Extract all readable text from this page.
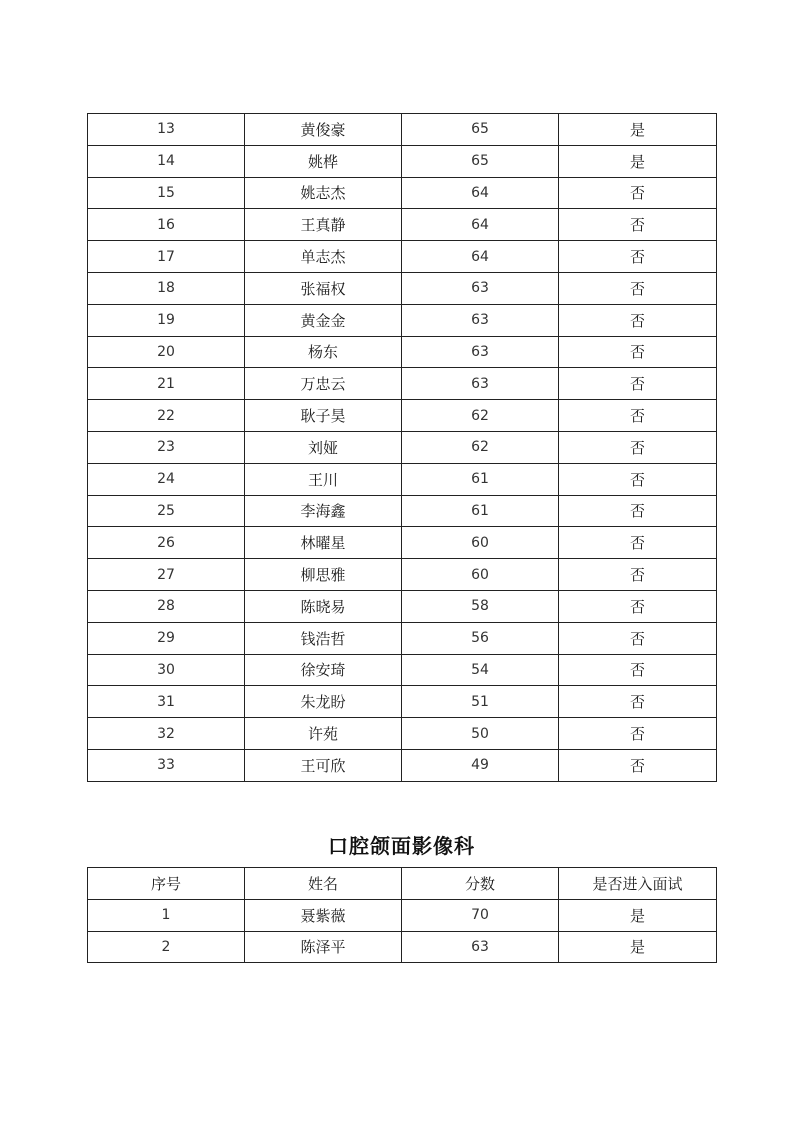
13	黄俊豪	65	是
14	姚桦	65	是
15	姚志杰	64	否
16	王真静	64	否
17	单志杰	64	否
18	张福权	63	否
19	黄金金	63	否
20	杨东	63	否
21	万忠云	63	否
22	耿子昊	62	否
23	刘娅	62	否
24	王川	61	否
25	李海鑫	61	否
26	林曜星	60	否
27	柳思雅	60	否
28	陈晓易	58	否
29	钱浩哲	56	否
30	徐安琦	54	否
31	朱龙盼	51	否
32	许苑	50	否
33	王可欣	49	否
口腔颌面影像科
序号	姓名	分数	是否进入面试
1	聂紫薇	70	是
2	陈泽平	63	是
